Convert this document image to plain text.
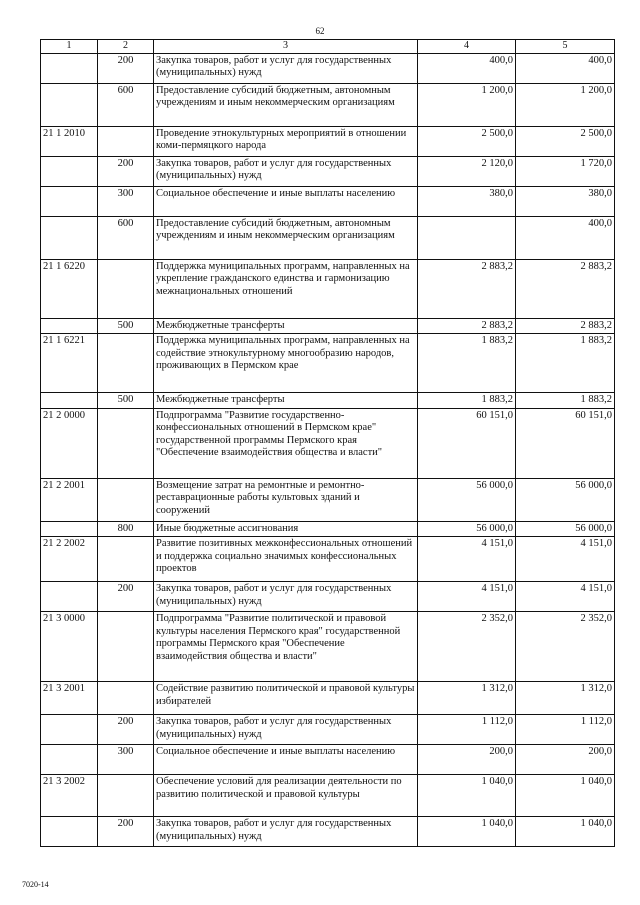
62
1	2	3	4	5
	200	Закупка товаров, работ и услуг для государственных (муниципальных) нужд	400,0	400,0
	600	Предоставление субсидий бюджетным, автономным учреждениям и иным некоммерческим организациям	1 200,0	1 200,0
21 1 2010		Проведение этнокультурных мероприятий в отношении коми-пермяцкого народа	2 500,0	2 500,0
	200	Закупка товаров, работ и услуг для государственных (муниципальных) нужд	2 120,0	1 720,0
	300	Социальное обеспечение и иные выплаты населению	380,0	380,0
	600	Предоставление субсидий бюджетным, автономным учреждениям и иным некоммерческим организациям		400,0
21 1 6220		Поддержка муниципальных программ, направленных на укрепление гражданского единства и гармонизацию межнациональных отношений	2 883,2	2 883,2
	500	Межбюджетные трансферты	2 883,2	2 883,2
21 1 6221		Поддержка муниципальных программ, направленных на содействие этнокультурному многообразию народов, проживающих в Пермском крае	1 883,2	1 883,2
	500	Межбюджетные трансферты	1 883,2	1 883,2
21 2 0000		Подпрограмма "Развитие государственно-конфессиональных отношений в Пермском крае" государственной программы Пермского края "Обеспечение взаимодействия общества и власти"	60 151,0	60 151,0
21 2 2001		Возмещение затрат на ремонтные и ремонтно-реставрационные работы культовых зданий и сооружений	56 000,0	56 000,0
	800	Иные бюджетные ассигнования	56 000,0	56 000,0
21 2 2002		Развитие позитивных межконфессиональных отношений и поддержка социально значимых конфессиональных проектов	4 151,0	4 151,0
	200	Закупка товаров, работ и услуг для государственных (муниципальных) нужд	4 151,0	4 151,0
21 3 0000		Подпрограмма "Развитие политической и правовой культуры населения Пермского края" государственной программы Пермского края "Обеспечение взаимодействия общества и власти"	2 352,0	2 352,0
21 3 2001		Содействие развитию политической и правовой культуры избирателей	1 312,0	1 312,0
	200	Закупка товаров, работ и услуг для государственных (муниципальных) нужд	1 112,0	1 112,0
	300	Социальное обеспечение и иные выплаты населению	200,0	200,0
21 3 2002		Обеспечение условий для реализации деятельности по развитию политической и правовой культуры	1 040,0	1 040,0
	200	Закупка товаров, работ и услуг для государственных (муниципальных) нужд	1 040,0	1 040,0
7020-14
